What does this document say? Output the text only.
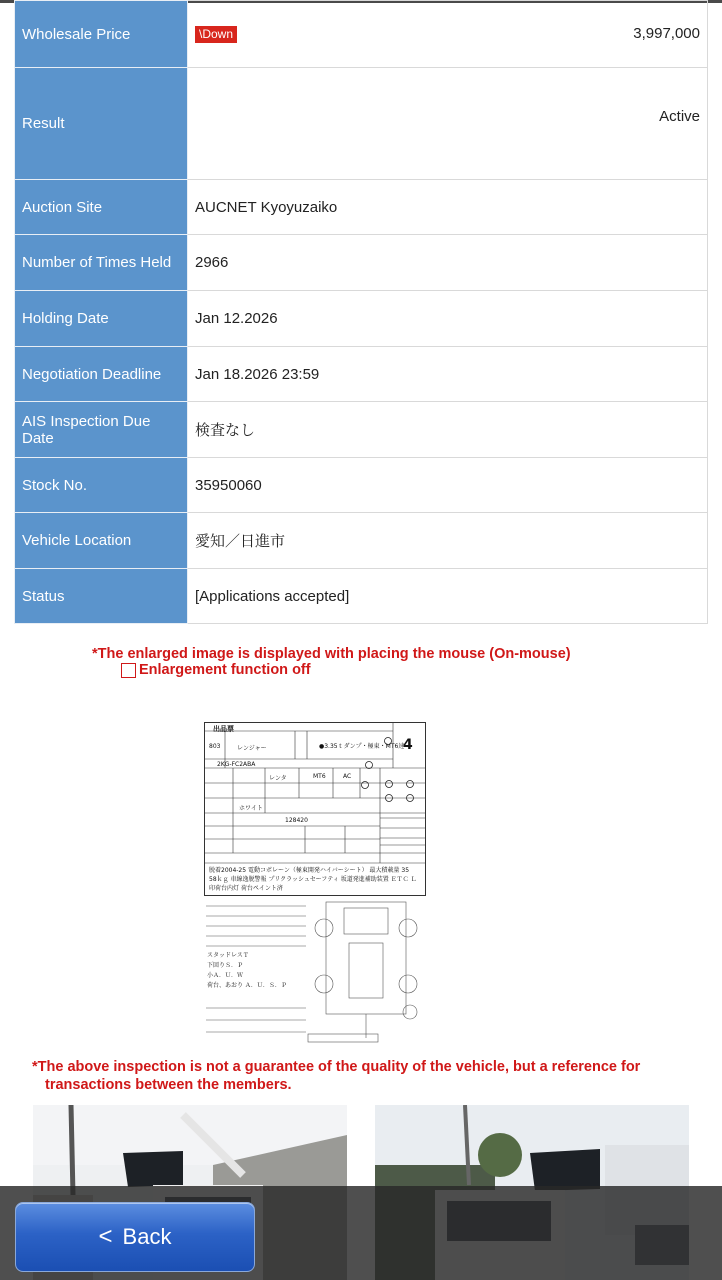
Wholesale Price	\Down 3,997,000

Result	Active
Auction Site	AUCNET Kyoyuzaiko
Number of Times Held	2966
Holding Date	Jan 12.2026
Negotiation Deadline	Jan 18.2026 23:59
AIS Inspection Due Date	検査なし
Stock No.	35950060
Vehicle Location	愛知／日進市
Status	[Applications accepted]
*The enlarged image is displayed with placing the mouse (On-mouse)
Enlargement function off
出品票
4
803	レンジャー	●3.35ｔダンプ・極東・MT6速
2KG-FC2ABA
レンタ	MT6	AC
ホワイト
128420
脱着2004-25 電動コボレーン（極東開発ハイバーシート） 最大積載量 35
58ｋｇ 車線逸脱警報 プリクラッシュセーフティ 坂道発進補助装置 ＥＴＣ Ｌ
印荷台内灯 荷台ペイント済
スタッドレスＴ
下回りＳ．Ｐ
小Ａ．Ｕ．Ｗ
荷台、あおり Ａ．Ｕ．Ｓ．Ｐ
*The above inspection is not a guarantee of the quality of the vehicle, but a reference for
transactions between the members.
< Back
